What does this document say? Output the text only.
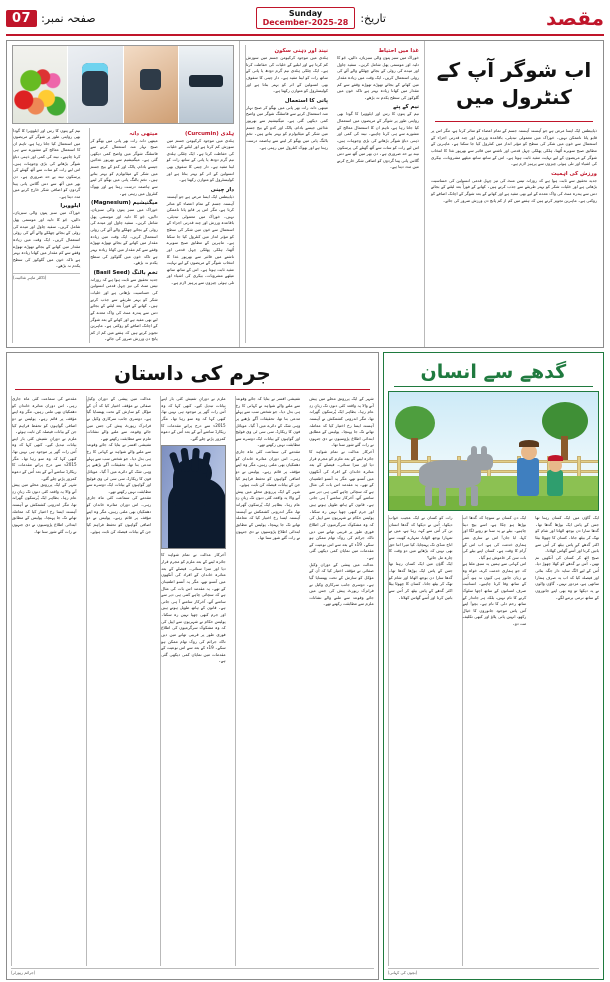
صفحہ نمبر:
07	تاریخ:
Sunday
28-December-2025	مقصد
اب شوگر آپ کے کنٹرول میں
ذیابیطس ایک ایسا مرض ہے جو آہستہ آہستہ جسم کے تمام اعضاء کو متاثر کرتا ہے، مگر اس پر قابو پانا ناممکن نہیں۔ خوراک میں معمولی تبدیلی، باقاعدہ ورزش اور چند قدرتی اجزاء کے استعمال سے خون میں شکر کی سطح کو مؤثر انداز میں کنٹرول کیا جا سکتا ہے۔ ماہرین کے مطابق صبح سویرے اُٹھنا، ہلکی پھلکی چہل قدمی اور ناشتے میں فائبر سے بھرپور غذا کا انتخاب شوگر کے مریضوں کے لیے نہایت مفید ثابت ہوتا ہے۔ اس کے ساتھ ساتھ میٹھے مشروبات، بیکری کی اشیاء اور تلی ہوئی چیزوں سے پرہیز لازم ہے۔
ورزش کی اہمیت
جدید تحقیق سے ثابت ہوا ہے کہ روزانہ تیس منٹ کی تیز چہل قدمی انسولین کی حساسیت بڑھاتی ہے اور خلیات شکر کو بہتر طریقے سے جذب کرتے ہیں۔ کھانے کے فوراً بعد لیٹنے کے بجائے دس سے پندرہ منٹ کی واک معدے کے لیے بھی مفید ہے اور کھانے کے بعد شوگر کے اچانک اضافے کو روکتی ہے۔ ماہرین تجویز کرتے ہیں کہ ہفتے میں کم از کم پانچ دن ورزش ضرور کی جائے۔
غذا میں احتیاط
خوراک میں سبز پتوں والی سبزیاں، دالیں، جَو کا دلیہ اور موسمی پھل شامل کریں۔ سفید چاول اور میدے کی روٹی کے بجائے چھلکے والے آٹے کی روٹی استعمال کریں۔ ایک وقت میں زیادہ مقدار میں کھانے کے بجائے تھوڑے تھوڑے وقفے سے کم مقدار میں کھانا زیادہ بہتر ہے تاکہ خون میں گلوکوز کی سطح یکدم نہ بڑھے۔
نیم کے پتے
نیم کے پتوں کا رس اور ایلوویرا کا گودا بھی روایتی طور پر شوگر کے مریضوں میں استعمال کیا جاتا رہا ہے، تاہم ان کا استعمال معالج کے مشورے سے ہی کرنا چاہیے۔ نیند کی کمی اور ذہنی دباؤ شوگر بڑھانے کی بڑی وجوہات ہیں، اس لیے رات کو سات سے آٹھ گھنٹے کی پرسکون نیند بے حد ضروری ہے۔ دن بھر میں آٹھ سے دس گلاس پانی پینا گردوں کو اضافی شکر خارج کرنے میں مدد دیتا ہے۔
نیند اور ذہنی سکون
ہلدی میں موجود کرکیومن جسم میں سوزش کم کرتا ہے اور لبلبے کے خلیات کی حفاظت کرتا ہے۔ ایک چٹکی ہلدی نیم گرم دودھ یا پانی کے ساتھ رات کو لینا مفید ہے۔ دار چینی کا سفوف بھی انسولین کے اثر کو بہتر بناتا ہے اور کولیسٹرول کو متوازن رکھتا ہے۔
پانی کا استعمال
میتھی دانہ رات بھر پانی میں بھگو کر صبح نہار منہ استعمال کرنے سے فاسٹنگ شوگر میں واضح کمی دیکھی گئی ہے۔ میگنیشیم سے بھرپور غذائیں جیسے بادام، پالک اور کدو کے بیج جسم میں شکر کے میٹابولزم کو بہتر بناتے ہیں۔ تخمِ بالنگ پانی میں بھگو کر لینے سے ہاضمہ درست رہتا ہے اور بھوک کنٹرول میں رہتی ہے۔
ہلدی (Curcumin)
ہلدی میں موجود کرکیومن جسم میں سوزش کم کرتا ہے اور لبلبے کے خلیات کی حفاظت کرتا ہے۔ ایک چٹکی ہلدی نیم گرم دودھ یا پانی کے ساتھ رات کو لینا مفید ہے۔ دار چینی کا سفوف بھی انسولین کے اثر کو بہتر بناتا ہے اور کولیسٹرول کو متوازن رکھتا ہے۔
دار چینی
ذیابیطس ایک ایسا مرض ہے جو آہستہ آہستہ جسم کے تمام اعضاء کو متاثر کرتا ہے، مگر اس پر قابو پانا ناممکن نہیں۔ خوراک میں معمولی تبدیلی، باقاعدہ ورزش اور چند قدرتی اجزاء کے استعمال سے خون میں شکر کی سطح کو مؤثر انداز میں کنٹرول کیا جا سکتا ہے۔ ماہرین کے مطابق صبح سویرے اُٹھنا، ہلکی پھلکی چہل قدمی اور ناشتے میں فائبر سے بھرپور غذا کا انتخاب شوگر کے مریضوں کے لیے نہایت مفید ثابت ہوتا ہے۔ اس کے ساتھ ساتھ میٹھے مشروبات، بیکری کی اشیاء اور تلی ہوئی چیزوں سے پرہیز لازم ہے۔
میتھی دانہ
میتھی دانہ رات بھر پانی میں بھگو کر صبح نہار منہ استعمال کرنے سے فاسٹنگ شوگر میں واضح کمی دیکھی گئی ہے۔ میگنیشیم سے بھرپور غذائیں جیسے بادام، پالک اور کدو کے بیج جسم میں شکر کے میٹابولزم کو بہتر بناتے ہیں۔ تخمِ بالنگ پانی میں بھگو کر لینے سے ہاضمہ درست رہتا ہے اور بھوک کنٹرول میں رہتی ہے۔
میگنیشیم (Magnesium)
خوراک میں سبز پتوں والی سبزیاں، دالیں، جَو کا دلیہ اور موسمی پھل شامل کریں۔ سفید چاول اور میدے کی روٹی کے بجائے چھلکے والے آٹے کی روٹی استعمال کریں۔ ایک وقت میں زیادہ مقدار میں کھانے کے بجائے تھوڑے تھوڑے وقفے سے کم مقدار میں کھانا زیادہ بہتر ہے تاکہ خون میں گلوکوز کی سطح یکدم نہ بڑھے۔
تخمِ بالنگ (Basil Seed)
جدید تحقیق سے ثابت ہوا ہے کہ روزانہ تیس منٹ کی تیز چہل قدمی انسولین کی حساسیت بڑھاتی ہے اور خلیات شکر کو بہتر طریقے سے جذب کرتے ہیں۔ کھانے کے فوراً بعد لیٹنے کے بجائے دس سے پندرہ منٹ کی واک معدے کے لیے بھی مفید ہے اور کھانے کے بعد شوگر کے اچانک اضافے کو روکتی ہے۔ ماہرین تجویز کرتے ہیں کہ ہفتے میں کم از کم پانچ دن ورزش ضرور کی جائے۔
نیم کے پتوں کا رس اور ایلوویرا کا گودا بھی روایتی طور پر شوگر کے مریضوں میں استعمال کیا جاتا رہا ہے، تاہم ان کا استعمال معالج کے مشورے سے ہی کرنا چاہیے۔ نیند کی کمی اور ذہنی دباؤ شوگر بڑھانے کی بڑی وجوہات ہیں، اس لیے رات کو سات سے آٹھ گھنٹے کی پرسکون نیند بے حد ضروری ہے۔ دن بھر میں آٹھ سے دس گلاس پانی پینا گردوں کو اضافی شکر خارج کرنے میں مدد دیتا ہے۔
ایلوویرا
خوراک میں سبز پتوں والی سبزیاں، دالیں، جَو کا دلیہ اور موسمی پھل شامل کریں۔ سفید چاول اور میدے کی روٹی کے بجائے چھلکے والے آٹے کی روٹی استعمال کریں۔ ایک وقت میں زیادہ مقدار میں کھانے کے بجائے تھوڑے تھوڑے وقفے سے کم مقدار میں کھانا زیادہ بہتر ہے تاکہ خون میں گلوکوز کی سطح یکدم نہ بڑھے۔
(ڈاکٹر ماہرِ غذائیت)
جرم کی داستان
شہر کے ایک پررونق محلے میں پیش آنے والا یہ واقعہ کئی دنوں تک زبانِ زدِ عام رہا۔ بظاہر ایک پُرسکون گھرانہ تھا، مگر اندرونی کشمکش نے آہستہ آہستہ ایسا رخ اختیار کیا کہ معاملہ تھانے تک جا پہنچا۔ پولیس کے مطابق ابتدائی اطلاع پڑوسیوں نے دی جنہوں نے رات گئے شور سنا تھا۔
آخرکار عدالت نے تمام شواہد کا جائزہ لینے کے بعد ملزم کو مجرم قرار دیا اور سزا سنائی۔ فیصلے کے بعد متاثرہ خاندان کے افراد کی آنکھوں میں آنسو تھے، مگر یہ آنسو اطمینان کے تھے۔ یہ مقدمہ اس بات کی مثال ہے کہ سچائی چاہے کتنی ہی دیر سے سامنے آئے، آخرکار سامنے آ ہی جاتی ہے۔ قانون کے ہاتھ طویل ہوتے ہیں اور جرم کبھی چھپا نہیں رہ سکتا۔ پولیس حکام نے شہریوں سے اپیل کی کہ وہ مشکوک سرگرمیوں کی اطلاع فوری طور پر قریبی تھانے میں دیں تاکہ جرائم کی روک تھام ممکن ہو سکے۔ 19ء کے بعد سے اس نوعیت کے مقدمات میں نمایاں کمی دیکھی گئی ہے۔
عدالت میں پیشی کے دوران وکیلِ صفائی نے مؤقف اختیار کیا کہ اُن کے مؤکل کو سازش کے تحت پھنسایا گیا ہے۔ دوسری جانب سرکاری وکیل نے فرانزک رپورٹ پیش کی جس میں جائے وقوعہ سے ملنے والے نشانات ملزم سے مطابقت رکھتے تھے۔
تفتیشی افسر نے بتایا کہ جائے وقوعہ سے ملنے والے شواہد نے کہانی کا رخ ہی بدل دیا۔ جو شخص سب سے پہلے مدعی بنا تھا، تحقیقات آگے بڑھنے پر وہی شک کے دائرے میں آ گیا۔ موبائل فون کا ریکارڈ، سی سی ٹی وی فوٹیج اور گواہوں کے بیانات ایک دوسرے سے مطابقت نہیں رکھتے تھے۔
مقدمے کی سماعت کئی ماہ جاری رہی۔ اس دوران متاثرہ خاندان کو دھمکیاں بھی ملتی رہیں، مگر وہ اپنے مؤقف پر قائم رہے۔ پولیس نے دو اضافی گواہوں کو تحفظ فراہم کیا جن کے بیانات فیصلہ کن ثابت ہوئے۔
شہر کے ایک پررونق محلے میں پیش آنے والا یہ واقعہ کئی دنوں تک زبانِ زدِ عام رہا۔ بظاہر ایک پُرسکون گھرانہ تھا، مگر اندرونی کشمکش نے آہستہ آہستہ ایسا رخ اختیار کیا کہ معاملہ تھانے تک جا پہنچا۔ پولیس کے مطابق ابتدائی اطلاع پڑوسیوں نے دی جنہوں نے رات گئے شور سنا تھا۔
ملزم نے دورانِ تفتیش کئی بار اپنے بیانات تبدیل کیے۔ کبھی کہا کہ وہ اُس رات گھر پر موجود ہی نہیں تھا، کبھی کہا کہ وہ سو رہا تھا۔ مگر 2015ء سے درج پرانے مقدمات کا ریکارڈ سامنے آنے کے بعد اُس کے دعوے کمزور پڑتے چلے گئے۔
آخرکار عدالت نے تمام شواہد کا جائزہ لینے کے بعد ملزم کو مجرم قرار دیا اور سزا سنائی۔ فیصلے کے بعد متاثرہ خاندان کے افراد کی آنکھوں میں آنسو تھے، مگر یہ آنسو اطمینان کے تھے۔ یہ مقدمہ اس بات کی مثال ہے کہ سچائی چاہے کتنی ہی دیر سے سامنے آئے، آخرکار سامنے آ ہی جاتی ہے۔ قانون کے ہاتھ طویل ہوتے ہیں اور جرم کبھی چھپا نہیں رہ سکتا۔ پولیس حکام نے شہریوں سے اپیل کی کہ وہ مشکوک سرگرمیوں کی اطلاع فوری طور پر قریبی تھانے میں دیں تاکہ جرائم کی روک تھام ممکن ہو سکے۔ 19ء کے بعد سے اس نوعیت کے مقدمات میں نمایاں کمی دیکھی گئی ہے۔
عدالت میں پیشی کے دوران وکیلِ صفائی نے مؤقف اختیار کیا کہ اُن کے مؤکل کو سازش کے تحت پھنسایا گیا ہے۔ دوسری جانب سرکاری وکیل نے فرانزک رپورٹ پیش کی جس میں جائے وقوعہ سے ملنے والے نشانات ملزم سے مطابقت رکھتے تھے۔
تفتیشی افسر نے بتایا کہ جائے وقوعہ سے ملنے والے شواہد نے کہانی کا رخ ہی بدل دیا۔ جو شخص سب سے پہلے مدعی بنا تھا، تحقیقات آگے بڑھنے پر وہی شک کے دائرے میں آ گیا۔ موبائل فون کا ریکارڈ، سی سی ٹی وی فوٹیج اور گواہوں کے بیانات ایک دوسرے سے مطابقت نہیں رکھتے تھے۔
مقدمے کی سماعت کئی ماہ جاری رہی۔ اس دوران متاثرہ خاندان کو دھمکیاں بھی ملتی رہیں، مگر وہ اپنے مؤقف پر قائم رہے۔ پولیس نے دو اضافی گواہوں کو تحفظ فراہم کیا جن کے بیانات فیصلہ کن ثابت ہوئے۔
مقدمے کی سماعت کئی ماہ جاری رہی۔ اس دوران متاثرہ خاندان کو دھمکیاں بھی ملتی رہیں، مگر وہ اپنے مؤقف پر قائم رہے۔ پولیس نے دو اضافی گواہوں کو تحفظ فراہم کیا جن کے بیانات فیصلہ کن ثابت ہوئے۔
ملزم نے دورانِ تفتیش کئی بار اپنے بیانات تبدیل کیے۔ کبھی کہا کہ وہ اُس رات گھر پر موجود ہی نہیں تھا، کبھی کہا کہ وہ سو رہا تھا۔ مگر 2015ء سے درج پرانے مقدمات کا ریکارڈ سامنے آنے کے بعد اُس کے دعوے کمزور پڑتے چلے گئے۔
شہر کے ایک پررونق محلے میں پیش آنے والا یہ واقعہ کئی دنوں تک زبانِ زدِ عام رہا۔ بظاہر ایک پُرسکون گھرانہ تھا، مگر اندرونی کشمکش نے آہستہ آہستہ ایسا رخ اختیار کیا کہ معاملہ تھانے تک جا پہنچا۔ پولیس کے مطابق ابتدائی اطلاع پڑوسیوں نے دی جنہوں نے رات گئے شور سنا تھا۔
(جرائم رپورٹر)
گدھے سے انسان
ایک گاؤں میں ایک کسان رہتا تھا جس کے پاس ایک بوڑھا گدھا تھا۔ گدھا سارا دن بوجھ اٹھاتا اور شام کو تھک کر بیٹھ جاتا۔ کسان کا چھوٹا بیٹا اکثر گدھے کے پاس بیٹھ کر اُس سے باتیں کرتا اور اُسے گھاس کھلاتا۔
صبح اٹھ کر کسان کی آنکھیں نم تھیں۔ اُس نے گدھے کو کھلا چھوڑ دیا، اُس کے لیے الگ سایہ دار جگہ بنائی اور فیصلہ کیا کہ اب یہ صرف ہمارا ساتھی ہے، مزدور نہیں۔ گاؤں والوں نے یہ دیکھا تو وہ بھی اپنے جانوروں کے ساتھ نرمی برتنے لگے۔
ایک دن کسان نے سوچا کہ گدھا اب بوڑھا ہو چکا ہے، اسے بیچ دینا چاہیے۔ بیٹے نے یہ سنا تو رونے لگا اور کہا، ابا جان! اس نے ساری عمر ہماری خدمت کی ہے، اب اس کے آرام کا وقت ہے۔ کسان اپنے بیٹے کی بات سن کر خاموش ہو گیا۔
اس کہانی سے ہمیں یہ سبق ملتا ہے کہ جو ہماری خدمت کرے، خواہ وہ بے زبان جانور ہی کیوں نہ ہو، اُس کے ساتھ وفا کرنا چاہیے۔ انسانیت صرف انسانوں کے ساتھ اچھا سلوک کرنے کا نام نہیں، بلکہ ہر جاندار کے ساتھ رحم دلی کا نام ہے۔ بچو! اپنے آس پاس موجود جانوروں کا خیال رکھو، انہیں پانی پلاؤ اور کبھی تکلیف مت دو۔
رات کو کسان نے ایک عجیب خواب دیکھا۔ اُس نے دیکھا کہ گدھا انسان بن کر اُس سے کہہ رہا ہے، میں نے تمہارا بوجھ اٹھایا، تمہارے کھیت سے اناج منڈی تک پہنچایا، کیا میرا اتنا حق بھی نہیں کہ بڑھاپے میں دو وقت کا چارہ مل جائے؟
ایک گاؤں میں ایک کسان رہتا تھا جس کے پاس ایک بوڑھا گدھا تھا۔ گدھا سارا دن بوجھ اٹھاتا اور شام کو تھک کر بیٹھ جاتا۔ کسان کا چھوٹا بیٹا اکثر گدھے کے پاس بیٹھ کر اُس سے باتیں کرتا اور اُسے گھاس کھلاتا۔
(بچوں کی کہانی)
